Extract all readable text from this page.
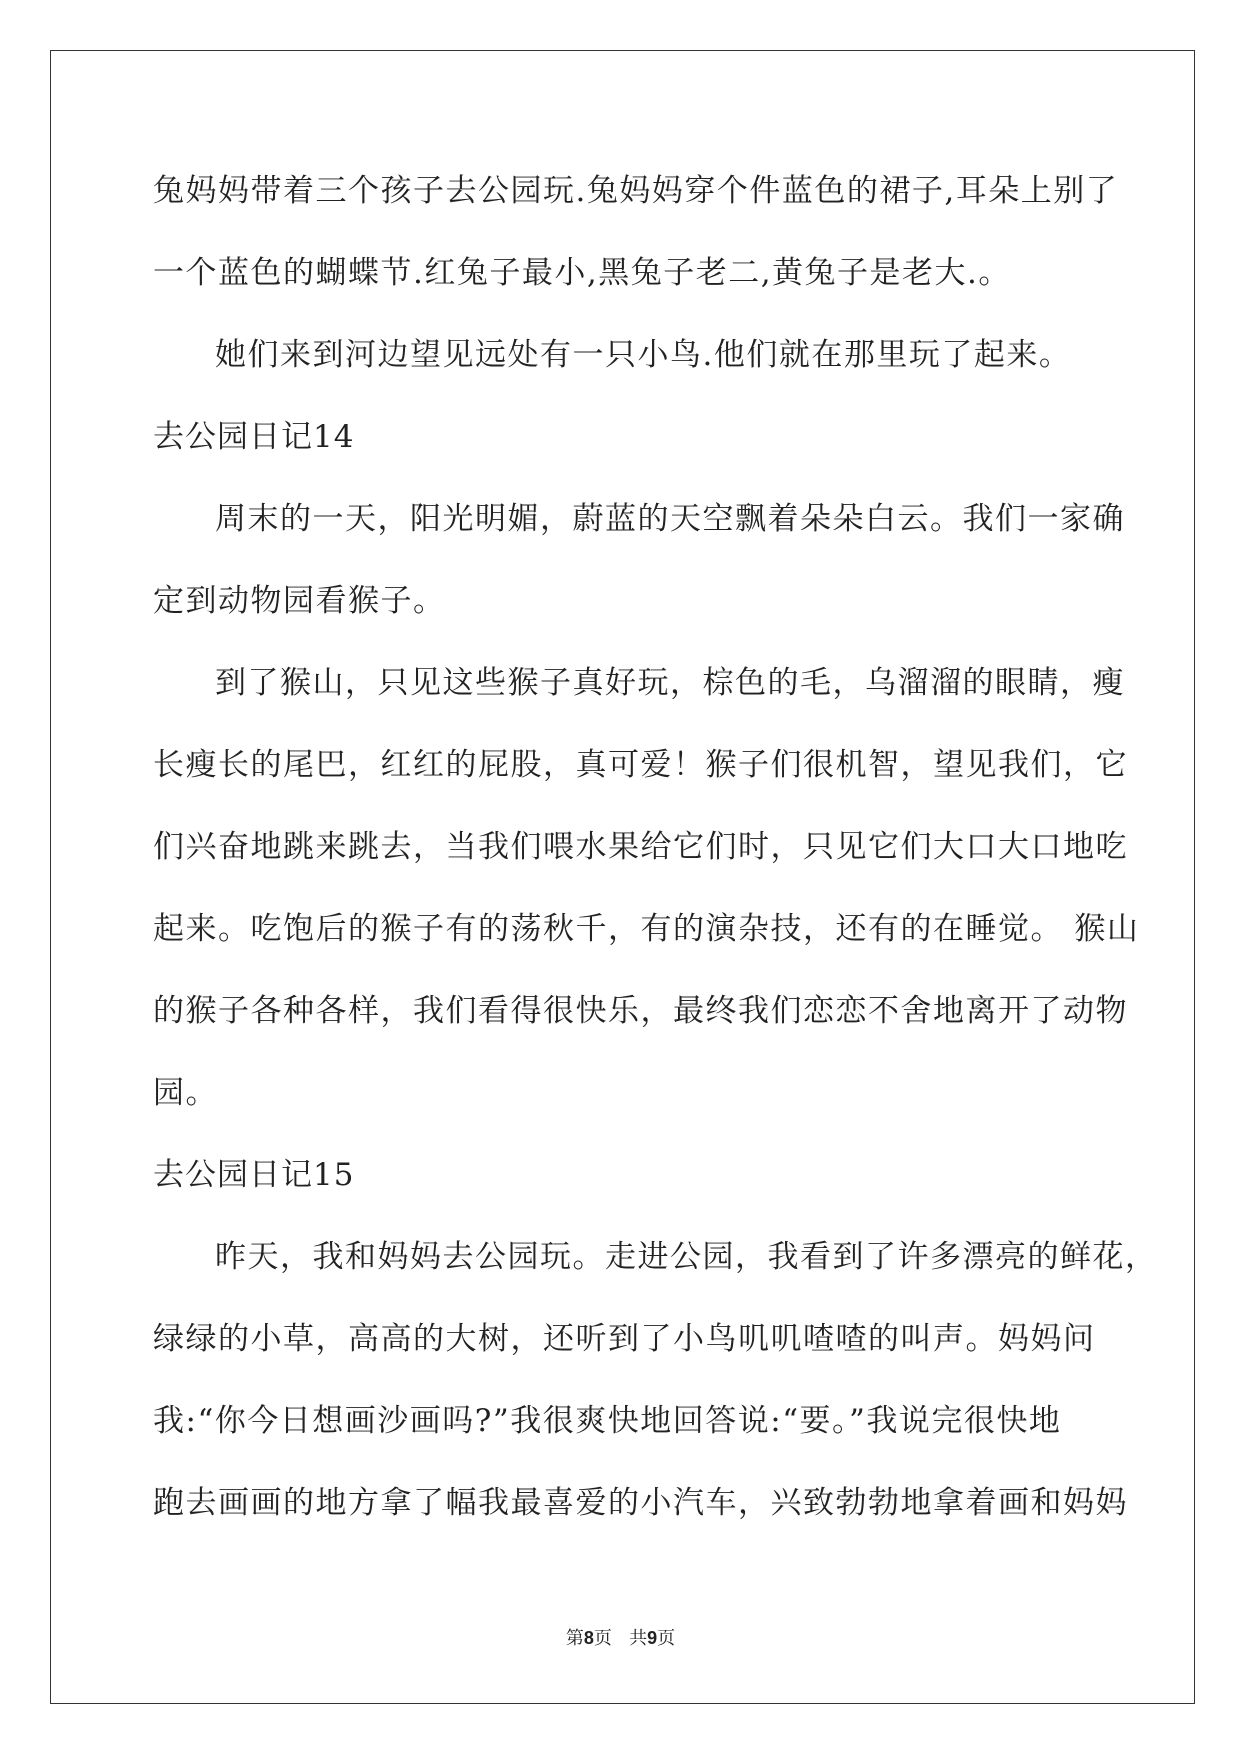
兔妈妈带着三个孩子去公园玩.兔妈妈穿个件蓝色的裙子,耳朵上别了
一个蓝色的蝴蝶节.红兔子最小,黑兔子老二,黄兔子是老大.。
她们来到河边望见远处有一只小鸟.他们就在那里玩了起来。
去公园日记14
周末的一天，阳光明媚，蔚蓝的天空飘着朵朵白云。我们一家确
定到动物园看猴子。
到了猴山，只见这些猴子真好玩，棕色的毛，乌溜溜的眼睛，瘦
长瘦长的尾巴，红红的屁股，真可爱！猴子们很机智，望见我们，它
们兴奋地跳来跳去，当我们喂水果给它们时，只见它们大口大口地吃
起来。吃饱后的猴子有的荡秋千，有的演杂技，还有的在睡觉。 猴山
的猴子各种各样，我们看得很快乐，最终我们恋恋不舍地离开了动物
园。
去公园日记15
昨天，我和妈妈去公园玩。走进公园，我看到了许多漂亮的鲜花，
绿绿的小草，高高的大树，还听到了小鸟叽叽喳喳的叫声。妈妈问
我:“你今日想画沙画吗?”我很爽快地回答说:“要。”我说完很快地
跑去画画的地方拿了幅我最喜爱的小汽车，兴致勃勃地拿着画和妈妈
第8页 共9页
